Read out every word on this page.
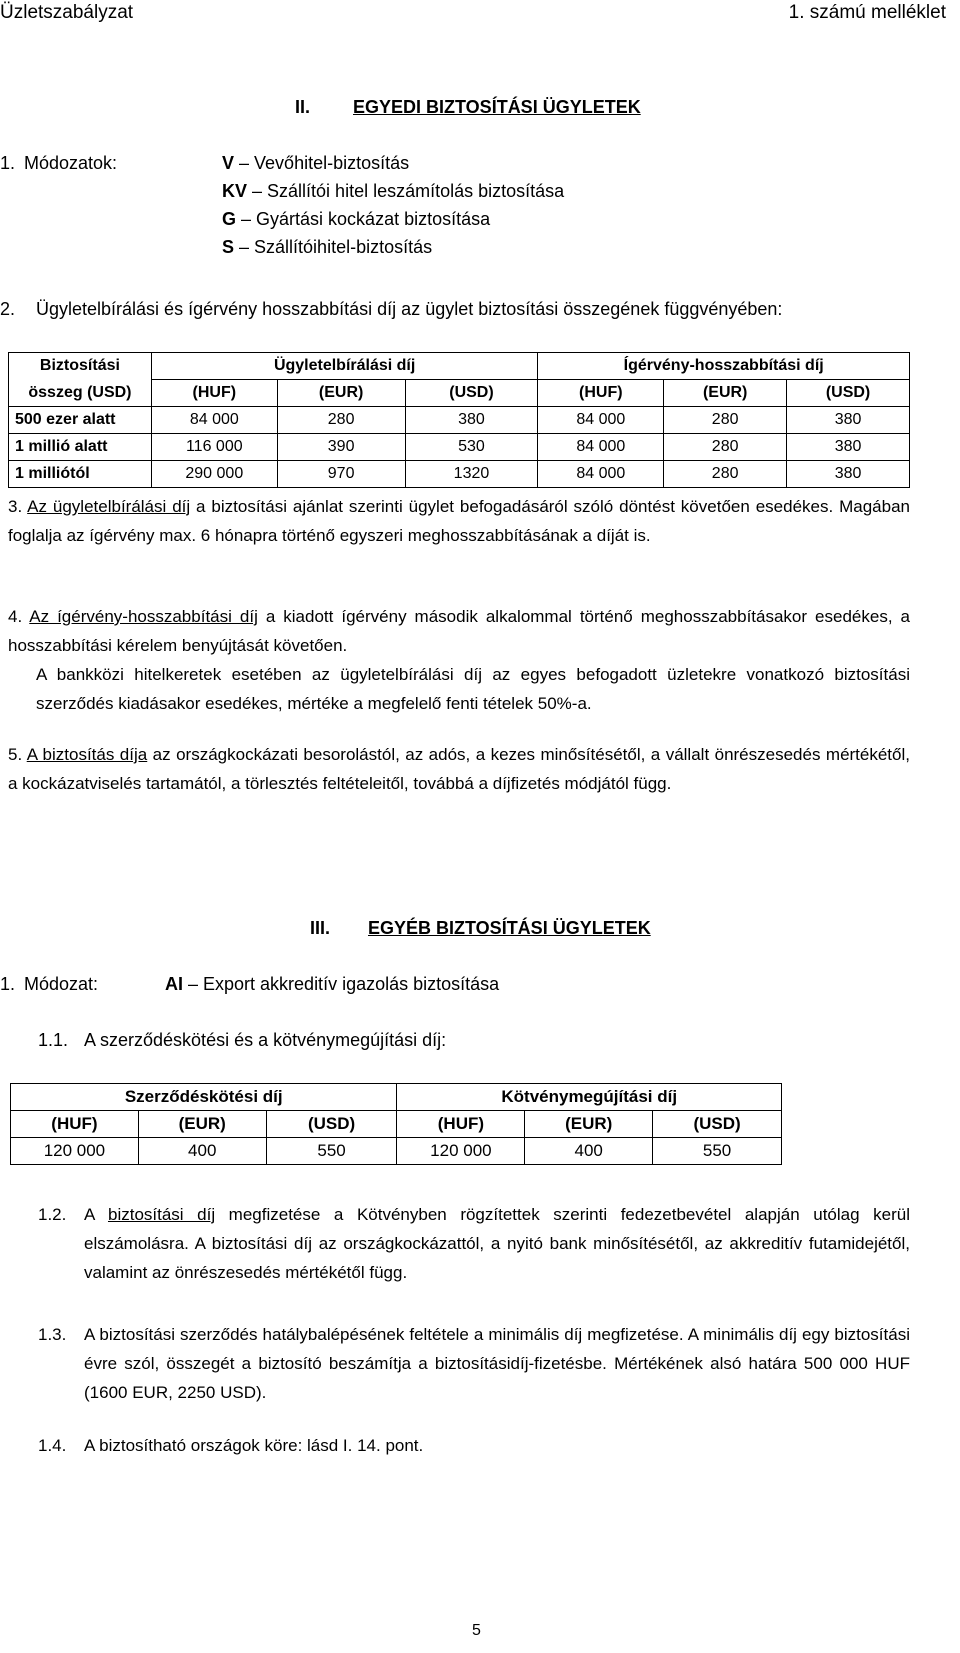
Üzletszabályzat	1. számú melléklet
II. EGYEDI BIZTOSÍTÁSI ÜGYLETEK
1. Módozatok:	V – Vevőhitel-biztosítás
KV – Szállítói hitel leszámítolás biztosítása
G – Gyártási kockázat biztosítása
S – Szállítóihitel-biztosítás
2. Ügyletelbírálási és ígérvény hosszabbítási díj az ügylet biztosítási összegének függvényében:
Biztosítási	Ügyletelbírálási díj			Ígérvény-hosszabbítási díj		
összeg (USD)	(HUF)	(EUR)	(USD)	(HUF)	(EUR)	(USD)
500 ezer alatt	84 000	280	380	84 000	280	380
1 millió alatt	116 000	390	530	84 000	280	380
1 milliótól	290 000	970	1320	84 000	280	380
3. Az ügyletelbírálási díj a biztosítási ajánlat szerinti ügylet befogadásáról szóló döntést követően esedékes. Magában foglalja az ígérvény max. 6 hónapra történő egyszeri meghosszabbításának a díját is.
4. Az ígérvény-hosszabbítási díj a kiadott ígérvény második alkalommal történő meghosszabbításakor esedékes, a hosszabbítási kérelem benyújtását követően.
A bankközi hitelkeretek esetében az ügyletelbírálási díj az egyes befogadott üzletekre vonatkozó biztosítási szerződés kiadásakor esedékes, mértéke a megfelelő fenti tételek 50%-a.
5. A biztosítás díja az országkockázati besorolástól, az adós, a kezes minősítésétől, a vállalt önrészesedés mértékétől, a kockázatviselés tartamától, a törlesztés feltételeitől, továbbá a díjfizetés módjától függ.
III. EGYÉB BIZTOSÍTÁSI ÜGYLETEK
1. Módozat:	AI – Export akkreditív igazolás biztosítása
1.1. A szerződéskötési és a kötvénymegújítási díj:
Szerződéskötési díj			Kötvénymegújítási díj		
(HUF)	(EUR)	(USD)	(HUF)	(EUR)	(USD)
120 000	400	550	120 000	400	550
1.2. A biztosítási díj megfizetése a Kötvényben rögzítettek szerinti fedezetbevétel alapján utólag kerül elszámolásra. A biztosítási díj az országkockázattól, a nyitó bank minősítésétől, az akkreditív futamidejétől, valamint az önrészesedés mértékétől függ.
1.3. A biztosítási szerződés hatálybalépésének feltétele a minimális díj megfizetése. A minimális díj egy biztosítási évre szól, összegét a biztosító beszámítja a biztosításidíj-fizetésbe. Mértékének alsó határa 500 000 HUF (1600 EUR, 2250 USD).
1.4. A biztosítható országok köre: lásd I. 14. pont.
5
